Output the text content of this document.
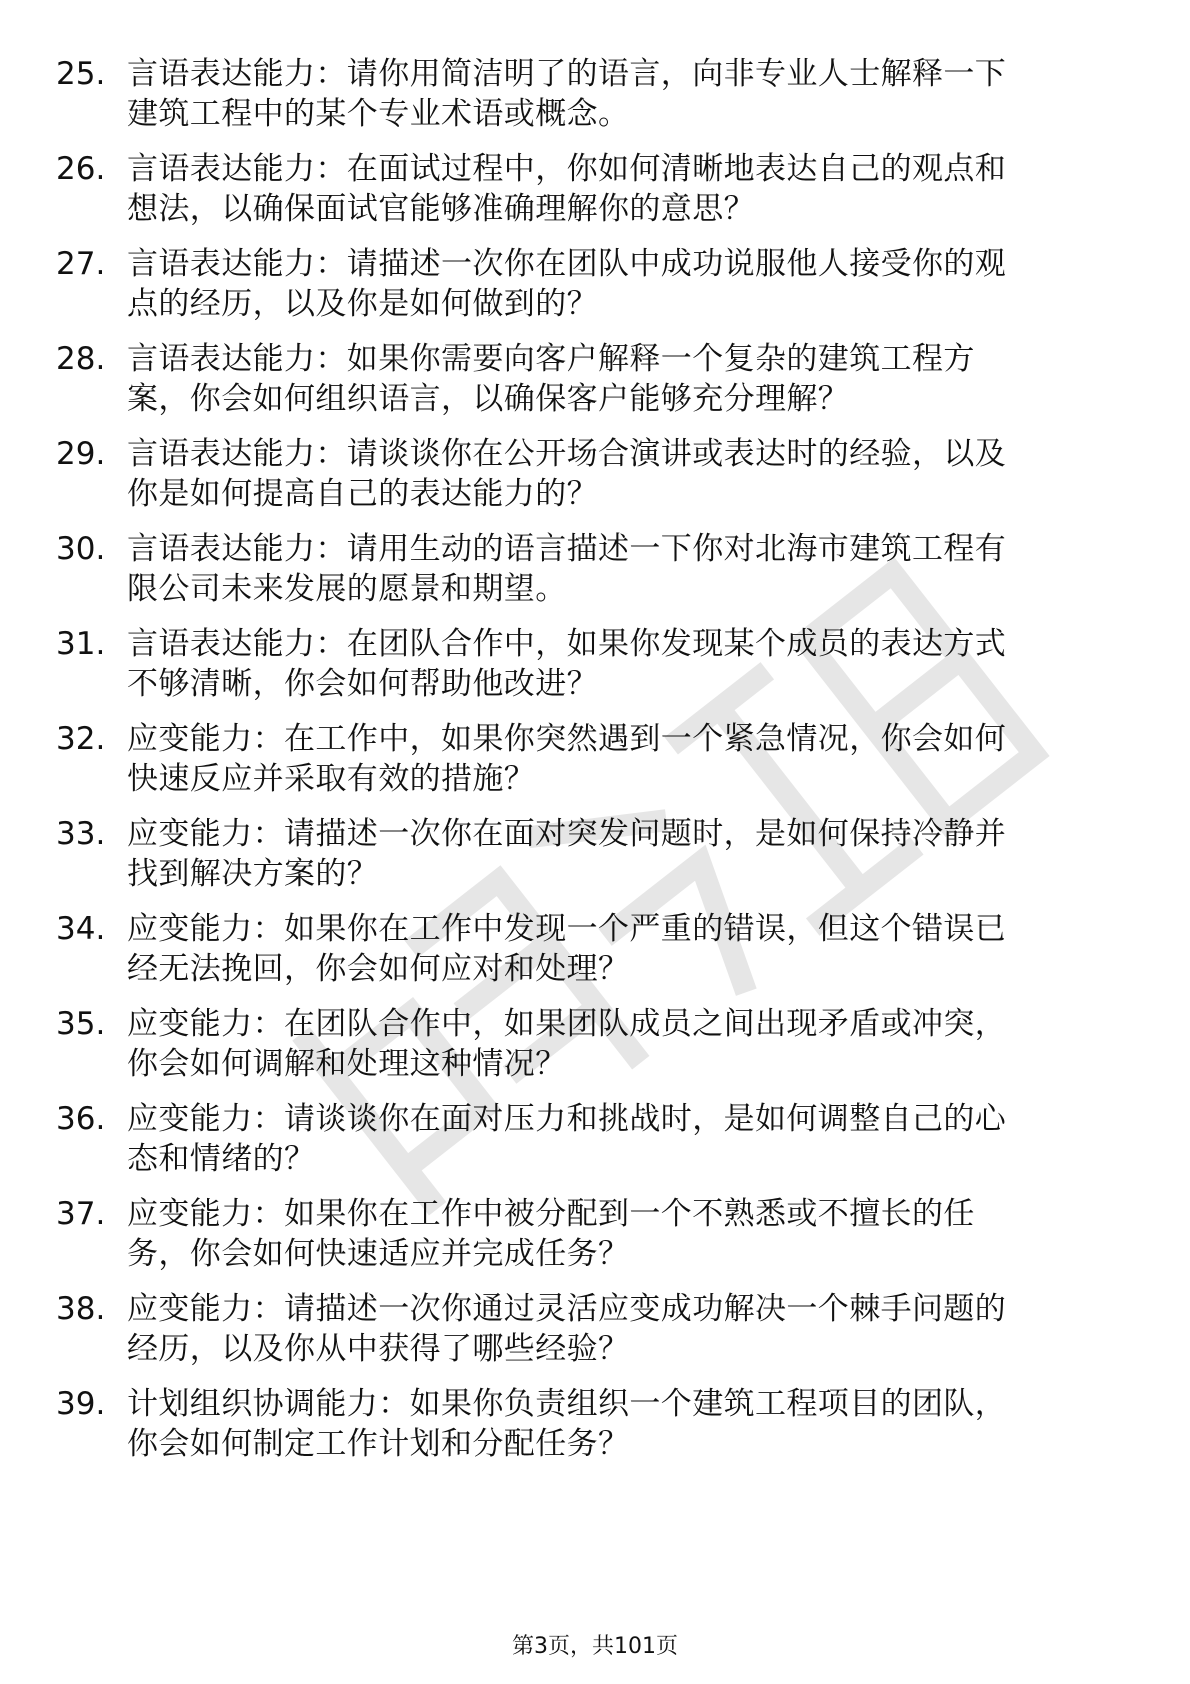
25. 言语表达能力：请你用简洁明了的语言，向非专业人士解释一下
建筑工程中的某个专业术语或概念。
26. 言语表达能力：在面试过程中，你如何清晰地表达自己的观点和
想法，以确保面试官能够准确理解你的意思？
27. 言语表达能力：请描述一次你在团队中成功说服他人接受你的观
点的经历，以及你是如何做到的？
28. 言语表达能力：如果你需要向客户解释一个复杂的建筑工程方
案，你会如何组织语言，以确保客户能够充分理解？
29. 言语表达能力：请谈谈你在公开场合演讲或表达时的经验，以及
你是如何提高自己的表达能力的？
30. 言语表达能力：请用生动的语言描述一下你对北海市建筑工程有
限公司未来发展的愿景和期望。
31. 言语表达能力：在团队合作中，如果你发现某个成员的表达方式
不够清晰，你会如何帮助他改进？
32. 应变能力：在工作中，如果你突然遇到一个紧急情况，你会如何
快速反应并采取有效的措施？
33. 应变能力：请描述一次你在面对突发问题时，是如何保持冷静并
找到解决方案的？
34. 应变能力：如果你在工作中发现一个严重的错误，但这个错误已
经无法挽回，你会如何应对和处理？
35. 应变能力：在团队合作中，如果团队成员之间出现矛盾或冲突，
你会如何调解和处理这种情况？
36. 应变能力：请谈谈你在面对压力和挑战时，是如何调整自己的心
态和情绪的？
37. 应变能力：如果你在工作中被分配到一个不熟悉或不擅长的任
务，你会如何快速适应并完成任务？
38. 应变能力：请描述一次你通过灵活应变成功解决一个棘手问题的
经历，以及你从中获得了哪些经验？
39. 计划组织协调能力：如果你负责组织一个建筑工程项目的团队，
你会如何制定工作计划和分配任务？
第3页，共101页
